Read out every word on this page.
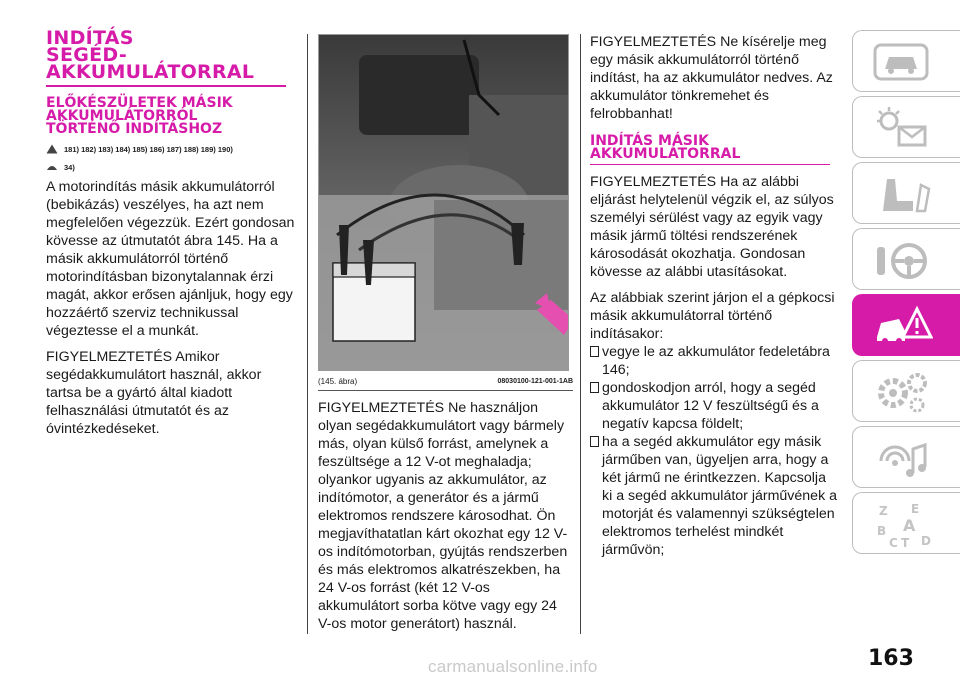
INDÍTÁS
SEGÉD-
AKKUMULÁTORRAL
ELŐKÉSZÜLETEK MÁSIK
AKKUMULÁTORRÓL
TÖRTÉNŐ INDÍTÁSHOZ
181) 182) 183) 184) 185) 186) 187) 188) 189) 190)
34)

A motorindítás másik akkumulátorról (bebikázás) veszélyes, ha azt nem megfelelően végezzük. Ezért gondosan kövesse az útmutatót ábra 145. Ha a másik akkumulátorról történő motorindításban bizonytalannak érzi magát, akkor erősen ajánljuk, hogy egy hozzáértő szerviz technikussal végeztesse el a munkát.

FIGYELMEZTETÉS Amikor segédakkumulátort használ, akkor tartsa be a gyártó által kiadott felhasználási útmutatót és az óvintézkedéseket.

(145. ábra)	08030100-121-001-1AB

FIGYELMEZTETÉS Ne használjon olyan segédakkumulátort vagy bármely más, olyan külső forrást, amelynek a feszültsége a 12 V-ot meghaladja; olyankor ugyanis az akkumulátor, az indítómotor, a generátor és a jármű elektromos rendszere károsodhat. Ön megjavíthatatlan kárt okozhat egy 12 V-os indítómotorban, gyújtás rendszerben és más elektromos alkatrészekben, ha 24 V-os forrást (két 12 V-os akkumulátort sorba kötve vagy egy 24 V-os motor generátort) használ.

FIGYELMEZTETÉS Ne kísérelje meg egy másik akkumulátorról történő indítást, ha az akkumulátor nedves. Az akkumulátor tönkremehet és felrobbanhat!

INDÍTÁS MÁSIK
AKKUMULÁTORRAL

FIGYELMEZTETÉS Ha az alábbi eljárást helytelenül végzik el, az súlyos személyi sérülést vagy az egyik vagy másik jármű töltési rendszerének károsodását okozhatja. Gondosan kövesse az alábbi utasításokat.

Az alábbiak szerint járjon el a gépkocsi másik akkumulátorral történő indításakor:

vegye le az akkumulátor fedeletábra 146;
gondoskodjon arról, hogy a segéd akkumulátor 12 V feszültségű és a negatív kapcsa földelt;
ha a segéd akkumulátor egy másik járműben van, ügyeljen arra, hogy a két jármű ne érintkezzen. Kapcsolja ki a segéd akkumulátor járművének a motorját és valamennyi szükségtelen elektromos terhelést mindkét járművön;
Z E
A
B
C T D
163
carmanualsonline.info
